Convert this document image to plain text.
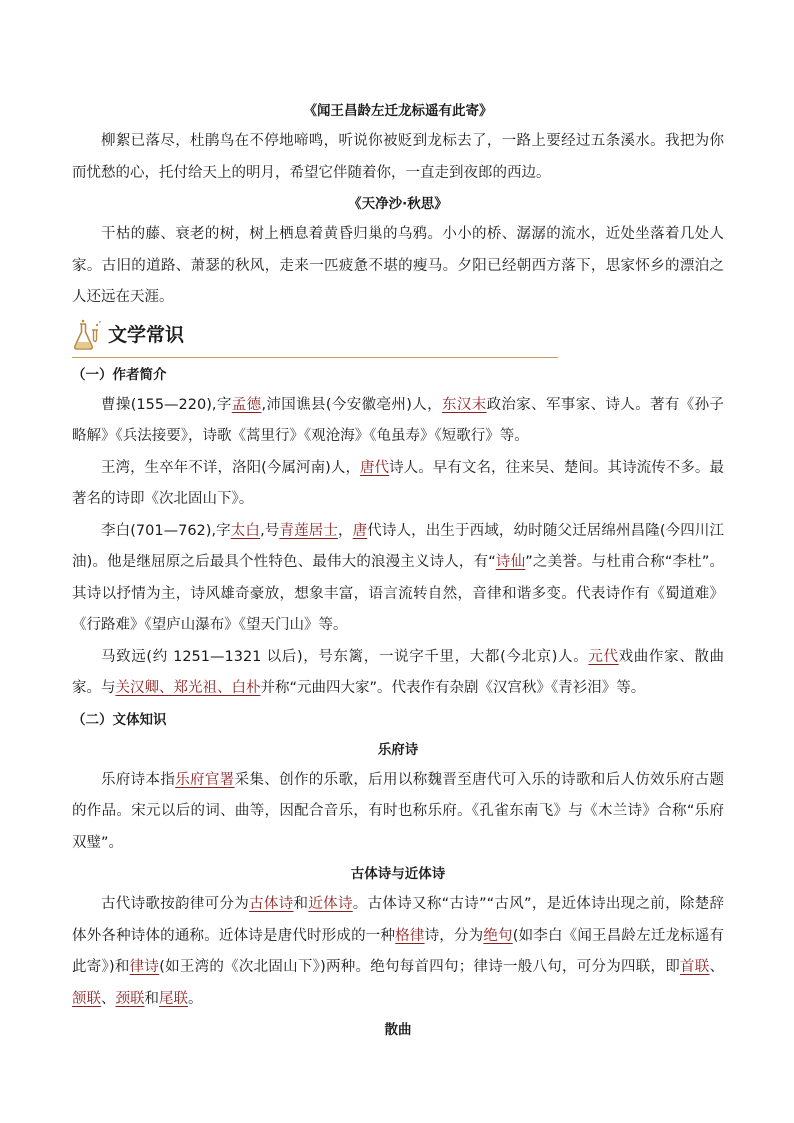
《闻王昌龄左迁龙标遥有此寄》

柳絮已落尽，杜鹃鸟在不停地啼鸣，听说你被贬到龙标去了，一路上要经过五条溪水。我把为你而忧愁的心，托付给天上的明月，希望它伴随着你，一直走到夜郎的西边。

《天净沙·秋思》

干枯的藤、衰老的树，树上栖息着黄昏归巢的乌鸦。小小的桥、潺潺的流水，近处坐落着几处人家。古旧的道路、萧瑟的秋风，走来一匹疲惫不堪的瘦马。夕阳已经朝西方落下，思家怀乡的漂泊之人还远在天涯。

文学常识

（一）作者简介

曹操(155—220),字孟德,沛国谯县(今安徽亳州)人，东汉末政治家、军事家、诗人。著有《孙子略解》《兵法接要》，诗歌《蒿里行》《观沧海》《龟虽寿》《短歌行》等。

王湾，生卒年不详，洛阳(今属河南)人，唐代诗人。早有文名，往来吴、楚间。其诗流传不多。最著名的诗即《次北固山下》。

李白(701—762),字太白,号青莲居士，唐代诗人，出生于西域，幼时随父迁居绵州昌隆(今四川江油)。他是继屈原之后最具个性特色、最伟大的浪漫主义诗人，有“诗仙”之美誉。与杜甫合称“李杜”。其诗以抒情为主，诗风雄奇豪放，想象丰富，语言流转自然，音律和谐多变。代表诗作有《蜀道难》《行路难》《望庐山瀑布》《望天门山》等。

马致远(约 1251—1321 以后)，号东篱，一说字千里，大都(今北京)人。元代戏曲作家、散曲家。与关汉卿、郑光祖、白朴并称“元曲四大家”。代表作有杂剧《汉宫秋》《青衫泪》等。

（二）文体知识

乐府诗

乐府诗本指乐府官署采集、创作的乐歌，后用以称魏晋至唐代可入乐的诗歌和后人仿效乐府古题的作品。宋元以后的词、曲等，因配合音乐，有时也称乐府。《孔雀东南飞》与《木兰诗》合称“乐府双璧”。

古体诗与近体诗

古代诗歌按韵律可分为古体诗和近体诗。古体诗又称“古诗”“古风”，是近体诗出现之前，除楚辞体外各种诗体的通称。近体诗是唐代时形成的一种格律诗，分为绝句(如李白《闻王昌龄左迁龙标遥有此寄》)和律诗(如王湾的《次北固山下》)两种。绝句每首四句；律诗一般八句，可分为四联，即首联、颔联、颈联和尾联。

散曲
